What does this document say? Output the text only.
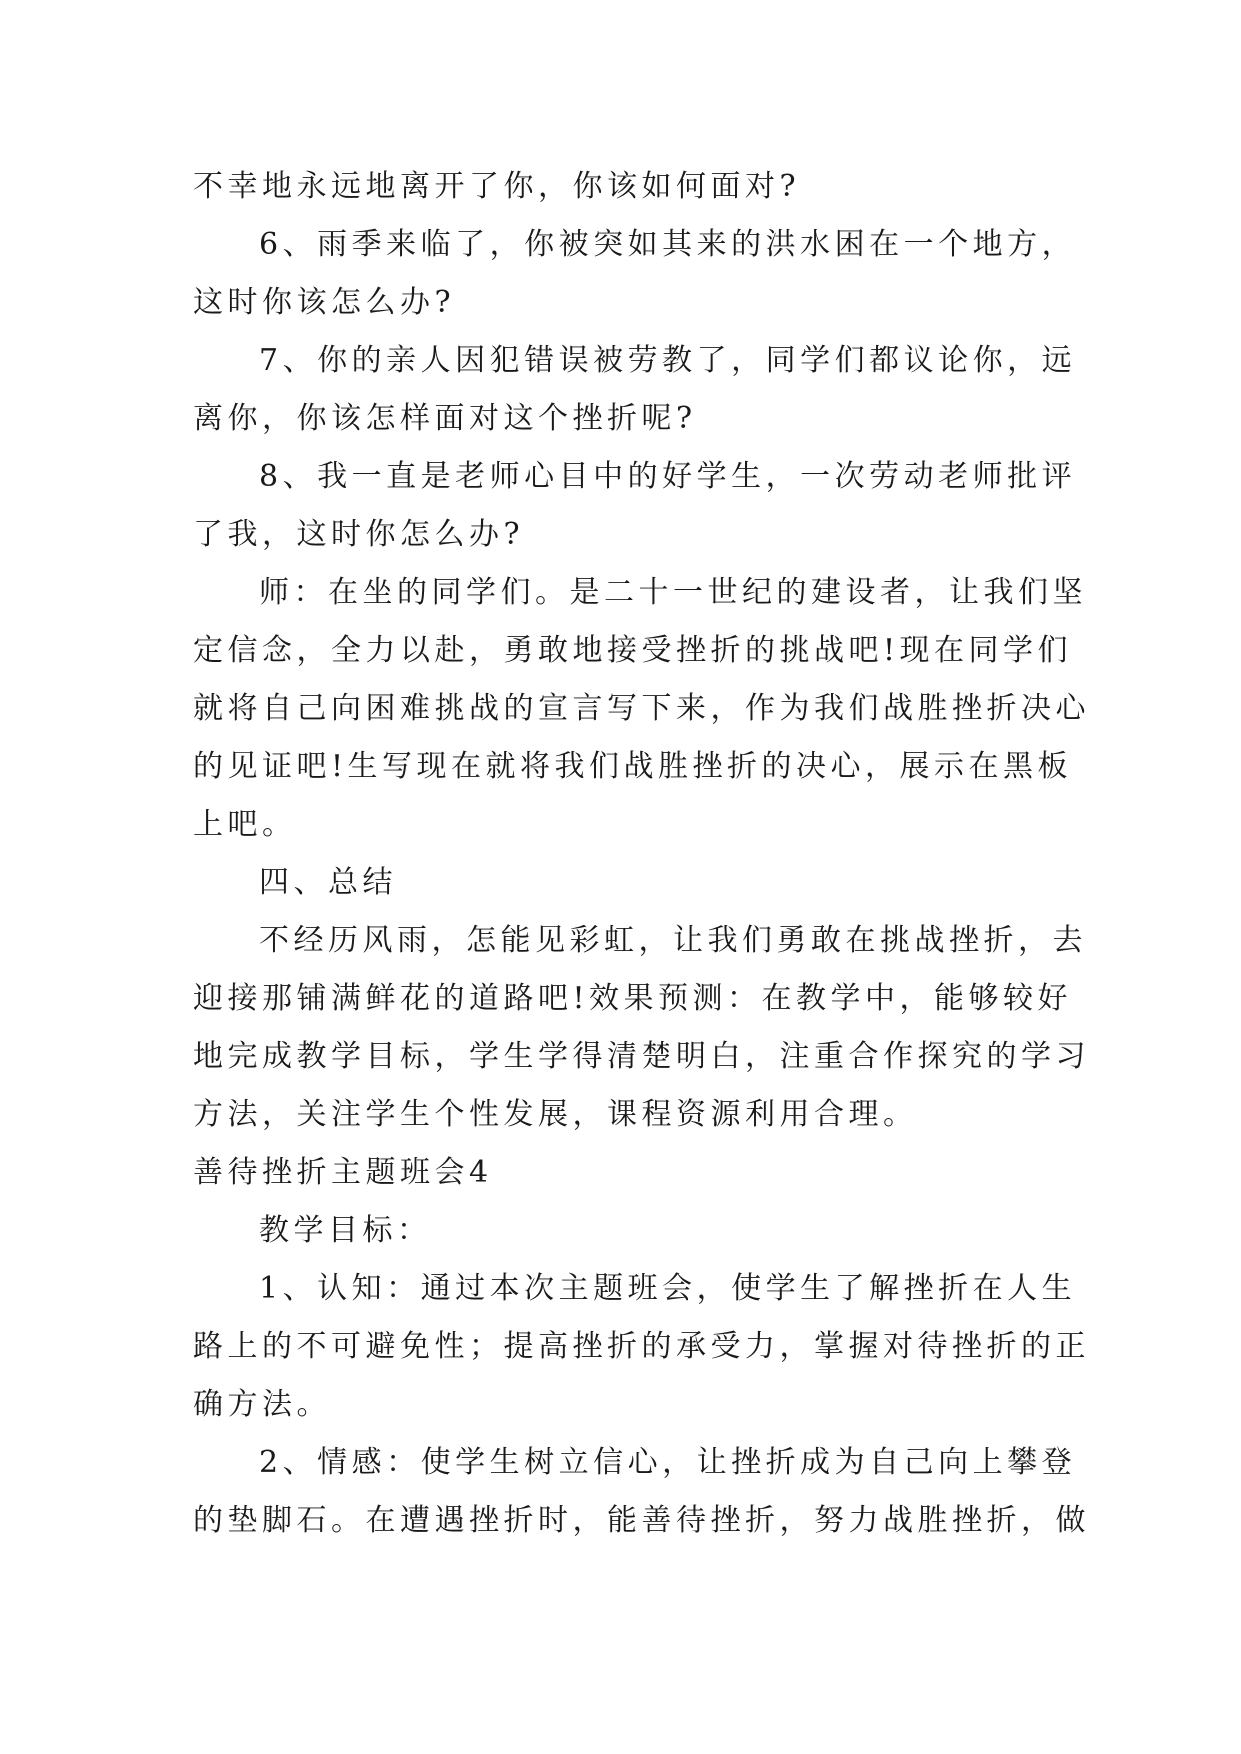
不幸地永远地离开了你，你该如何面对?

6、雨季来临了，你被突如其来的洪水困在一个地方，
这时你该怎么办?

7、你的亲人因犯错误被劳教了，同学们都议论你，远
离你，你该怎样面对这个挫折呢?

8、我一直是老师心目中的好学生，一次劳动老师批评
了我，这时你怎么办?

师：在坐的同学们。是二十一世纪的建设者，让我们坚
定信念，全力以赴，勇敢地接受挫折的挑战吧!现在同学们
就将自己向困难挑战的宣言写下来，作为我们战胜挫折决心
的见证吧!生写现在就将我们战胜挫折的决心，展示在黑板
上吧。

四、总结

不经历风雨，怎能见彩虹，让我们勇敢在挑战挫折，去
迎接那铺满鲜花的道路吧!效果预测：在教学中，能够较好
地完成教学目标，学生学得清楚明白，注重合作探究的学习
方法，关注学生个性发展，课程资源利用合理。

善待挫折主题班会4

教学目标：

1、认知：通过本次主题班会，使学生了解挫折在人生
路上的不可避免性；提高挫折的承受力，掌握对待挫折的正
确方法。

2、情感：使学生树立信心，让挫折成为自己向上攀登
的垫脚石。在遭遇挫折时，能善待挫折，努力战胜挫折，做
